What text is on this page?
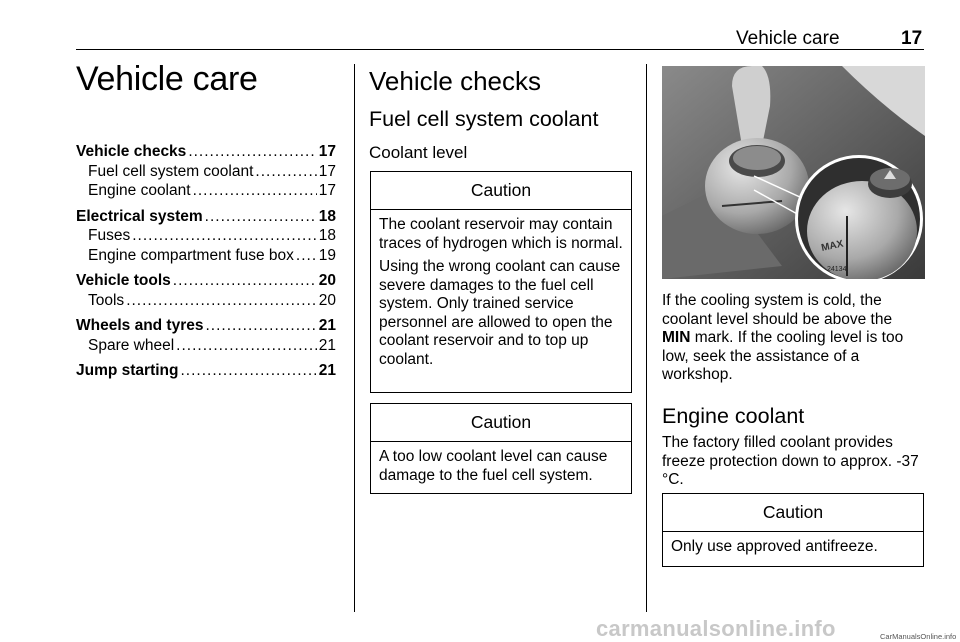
Vehicle care	17
Vehicle care
Vehicle checks .....	17
Fuel cell system coolant .....	17
Engine coolant .....	17
Electrical system .....	18
Fuses .....	18
Engine compartment fuse box ..... 19
Vehicle tools .....	20
Tools .....	20
Wheels and tyres .....	21
Spare wheel .....	21
Jump starting .....	21
Vehicle checks
Fuel cell system coolant
Coolant level
Caution

The coolant reservoir may contain traces of hydrogen which is normal.

Using the wrong coolant can cause severe damages to the fuel cell system. Only trained service personnel are allowed to open the coolant reservoir and to top up coolant.

Caution

A too low coolant level can cause damage to the fuel cell system.

MAX
24134
If the cooling system is cold, the coolant level should be above the MIN mark. If the cooling level is too low, seek the assistance of a workshop.
Engine coolant
The factory filled coolant provides freeze protection down to approx. -37 °C.
Caution

Only use approved antifreeze.

carmanualsonline.info	CarManualsOnline.info
